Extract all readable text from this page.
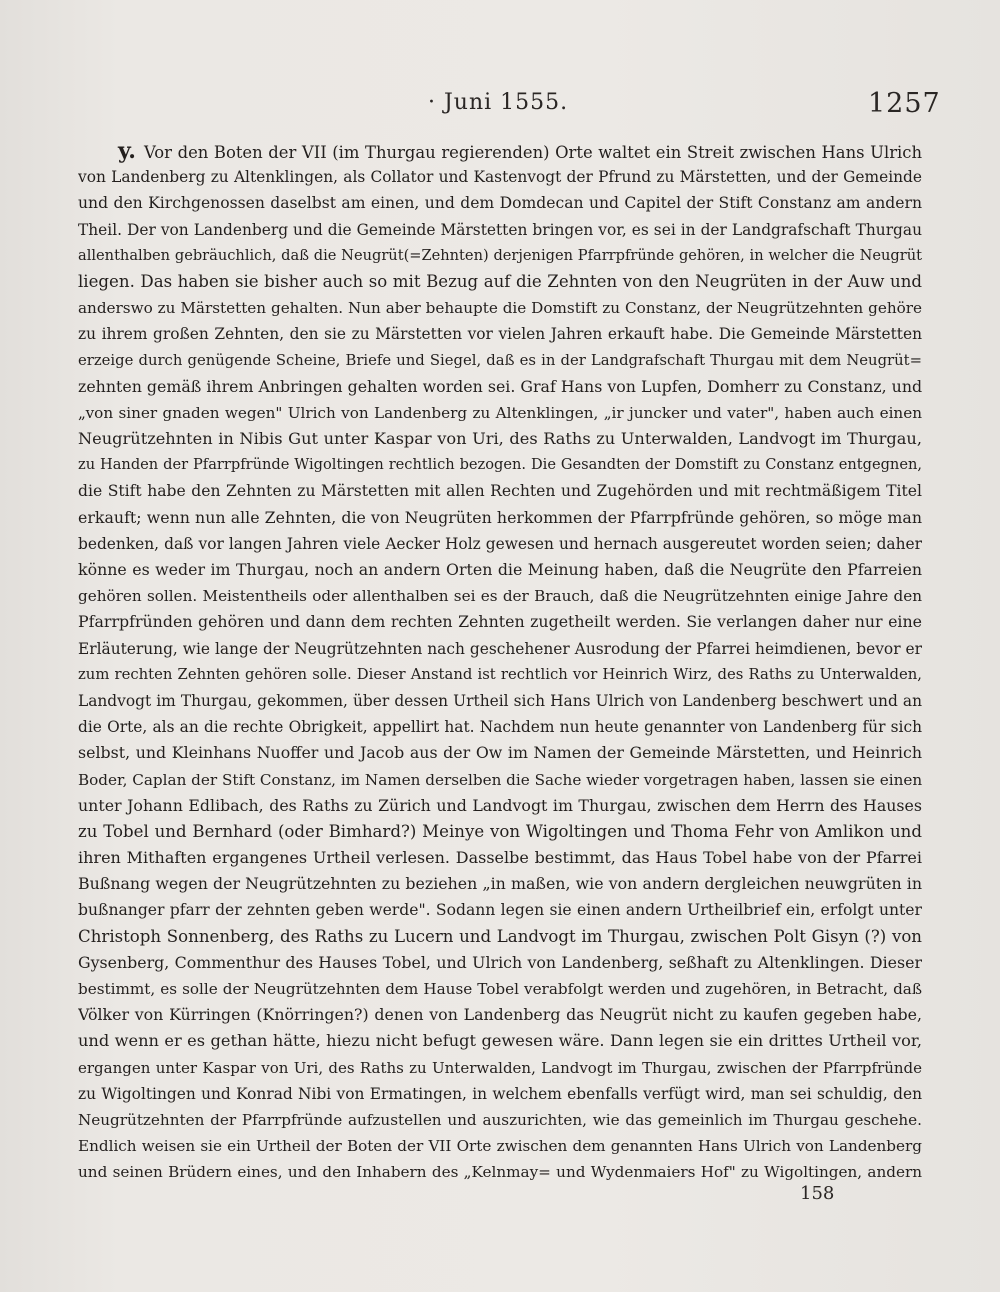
· Juni 1555.	1257
y. Vor den Boten der VII (im Thurgau regierenden) Orte waltet ein Streit zwischen Hans Ulrich
von Landenberg zu Altenklingen, als Collator und Kastenvogt der Pfrund zu Märstetten, und der Gemeinde
und den Kirchgenossen daselbst am einen, und dem Domdecan und Capitel der Stift Constanz am andern
Theil. Der von Landenberg und die Gemeinde Märstetten bringen vor, es sei in der Landgrafschaft Thurgau
allenthalben gebräuchlich, daß die Neugrüt(=Zehnten) derjenigen Pfarrpfründe gehören, in welcher die Neugrüt
liegen. Das haben sie bisher auch so mit Bezug auf die Zehnten von den Neugrüten in der Auw und
anderswo zu Märstetten gehalten. Nun aber behaupte die Domstift zu Constanz, der Neugrützehnten gehöre
zu ihrem großen Zehnten, den sie zu Märstetten vor vielen Jahren erkauft habe. Die Gemeinde Märstetten
erzeige durch genügende Scheine, Briefe und Siegel, daß es in der Landgrafschaft Thurgau mit dem Neugrüt=
zehnten gemäß ihrem Anbringen gehalten worden sei. Graf Hans von Lupfen, Domherr zu Constanz, und
„von siner gnaden wegen" Ulrich von Landenberg zu Altenklingen, „ir juncker und vater", haben auch einen
Neugrützehnten in Nibis Gut unter Kaspar von Uri, des Raths zu Unterwalden, Landvogt im Thurgau,
zu Handen der Pfarrpfründe Wigoltingen rechtlich bezogen. Die Gesandten der Domstift zu Constanz entgegnen,
die Stift habe den Zehnten zu Märstetten mit allen Rechten und Zugehörden und mit rechtmäßigem Titel
erkauft; wenn nun alle Zehnten, die von Neugrüten herkommen der Pfarrpfründe gehören, so möge man
bedenken, daß vor langen Jahren viele Aecker Holz gewesen und hernach ausgereutet worden seien; daher
könne es weder im Thurgau, noch an andern Orten die Meinung haben, daß die Neugrüte den Pfarreien
gehören sollen. Meistentheils oder allenthalben sei es der Brauch, daß die Neugrützehnten einige Jahre den
Pfarrpfründen gehören und dann dem rechten Zehnten zugetheilt werden. Sie verlangen daher nur eine
Erläuterung, wie lange der Neugrützehnten nach geschehener Ausrodung der Pfarrei heimdienen, bevor er
zum rechten Zehnten gehören solle. Dieser Anstand ist rechtlich vor Heinrich Wirz, des Raths zu Unterwalden,
Landvogt im Thurgau, gekommen, über dessen Urtheil sich Hans Ulrich von Landenberg beschwert und an
die Orte, als an die rechte Obrigkeit, appellirt hat. Nachdem nun heute genannter von Landenberg für sich
selbst, und Kleinhans Nuoffer und Jacob aus der Ow im Namen der Gemeinde Märstetten, und Heinrich
Boder, Caplan der Stift Constanz, im Namen derselben die Sache wieder vorgetragen haben, lassen sie einen
unter Johann Edlibach, des Raths zu Zürich und Landvogt im Thurgau, zwischen dem Herrn des Hauses
zu Tobel und Bernhard (oder Bimhard?) Meinye von Wigoltingen und Thoma Fehr von Amlikon und
ihren Mithaften ergangenes Urtheil verlesen. Dasselbe bestimmt, das Haus Tobel habe von der Pfarrei
Bußnang wegen der Neugrützehnten zu beziehen „in maßen, wie von andern dergleichen neuwgrüten in
bußnanger pfarr der zehnten geben werde". Sodann legen sie einen andern Urtheilbrief ein, erfolgt unter
Christoph Sonnenberg, des Raths zu Lucern und Landvogt im Thurgau, zwischen Polt Gisyn (?) von
Gysenberg, Commenthur des Hauses Tobel, und Ulrich von Landenberg, seßhaft zu Altenklingen. Dieser
bestimmt, es solle der Neugrützehnten dem Hause Tobel verabfolgt werden und zugehören, in Betracht, daß
Völker von Kürringen (Knörringen?) denen von Landenberg das Neugrüt nicht zu kaufen gegeben habe,
und wenn er es gethan hätte, hiezu nicht befugt gewesen wäre. Dann legen sie ein drittes Urtheil vor,
ergangen unter Kaspar von Uri, des Raths zu Unterwalden, Landvogt im Thurgau, zwischen der Pfarrpfründe
zu Wigoltingen und Konrad Nibi von Ermatingen, in welchem ebenfalls verfügt wird, man sei schuldig, den
Neugrützehnten der Pfarrpfründe aufzustellen und auszurichten, wie das gemeinlich im Thurgau geschehe.
Endlich weisen sie ein Urtheil der Boten der VII Orte zwischen dem genannten Hans Ulrich von Landenberg
und seinen Brüdern eines, und den Inhabern des „Kelnmay= und Wydenmaiers Hof" zu Wigoltingen, andern
158
